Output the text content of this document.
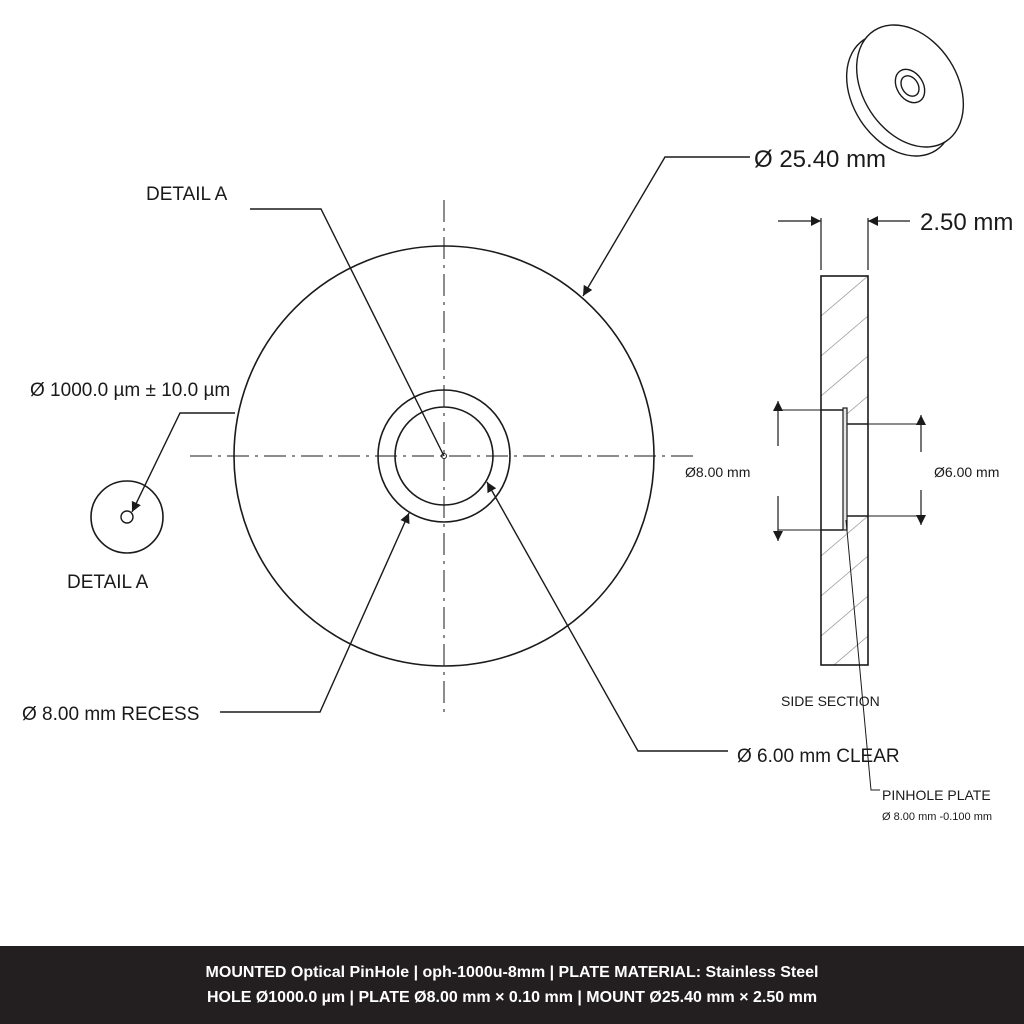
DETAIL A
DETAIL A
Ø 1000.0 µm ± 10.0 µm
Ø 25.40 mm
2.50 mm
Ø8.00 mm	Ø6.00 mm
Ø 8.00 mm RECESS
Ø 6.00 mm CLEAR
SIDE SECTION
PINHOLE PLATE
Ø 8.00 mm -0.100 mm
MOUNTED Optical PinHole | oph-1000u-8mm | PLATE MATERIAL: Stainless Steel
HOLE Ø1000.0 µm | PLATE Ø8.00 mm × 0.10 mm | MOUNT Ø25.40 mm × 2.50 mm
